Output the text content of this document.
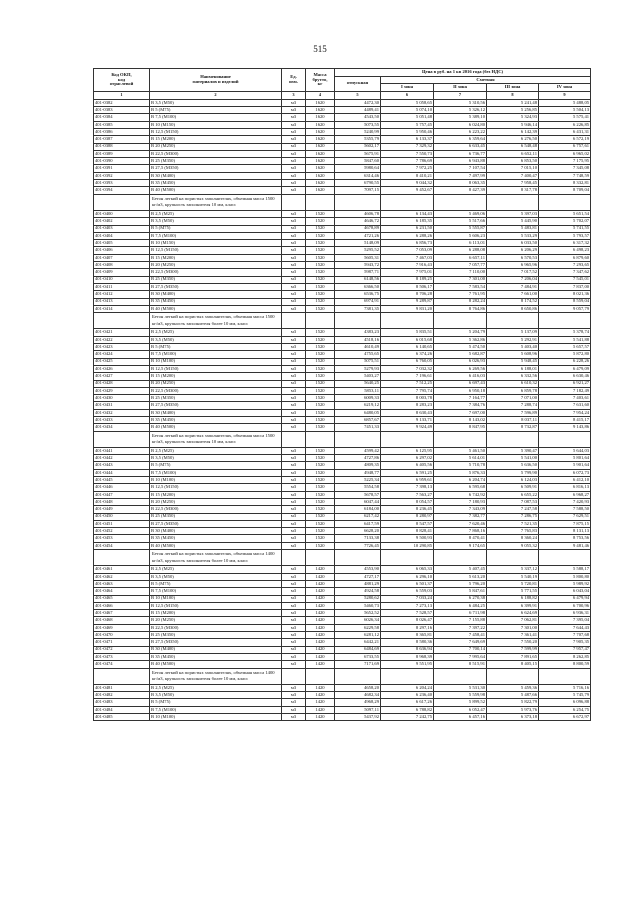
515
Код ОКП,
код
отраслевой	Наименование
материалов и изделий	Ед.
изм.	Масса
брутто,
кг	Цена в руб. на 1 кв 2016 года (без НДС)				
				отпускная	Сметная			
					I зона	II зона	III зона	IV зона
1	2	3	4	5	6	7	8	9
401-0382	В 3,5 (М50)	м3	1620	4472,30	5 058,65	5 310,56	5 241,48	5 488,05
401-0383	В 5 (М75)	м3	1620	4489,41	5 074,10	5 326,12	5 256,85	5 504,13
401-0384	В 7,5 (М100)	м3	1620	4543,50	5 051,48	5 389,10	5 324,93	5 575,41
401-0385	В 10 (М150)	м3	1620	5073,55	5 757,45	6 024,80	5 946,14	6 226,85
401-0386	В 12,5 (М150)	м3	1620	5240,99	5 950,46	6 223,22	6 142,39	6 431,31
401-0387	В 15 (М200)	м3	1620	5355,79	6 133,37	6 359,64	6 276,50	6 572,19
401-0388	В 20 (М250)	м3	1620	5602,17	7 329,32	6 633,45	6 548,48	6 757,61
401-0389	В 22,5 (М300)	м3	1620	5675,91	7 550,73	6 736,77	6 652,11	6 965,02
401-0390	В 25 (М350)	м3	1620	5847,60	7 786,69	6 943,88	6 853,50	7 175,95
401-0391	В 27,5 (М350)	м3	1620	5980,64	7 972,25	7 107,54	7 015,10	7 345,08
401-0392	В 30 (М400)	м3	1620	6314,46	8 410,21	7 497,99	7 400,47	7 748,59
401-0393	В 35 (М450)	м3	1620	6790,55	9 044,32	8 063,35	7 958,45	8 332,81
401-0394	В 40 (М500)	м3	1620	7097,15	9 452,67	8 427,39	8 317,78	8 709,04
	Бетон легкий на пористых заполнителях, объемная масса 1500 кг/м3, крупность заполнителя 10 мм, класс							
401-0400	В 2,5 (М25)	м3	1520	4606,78	6 134,43	5 469,06	5 397,03	5 651,54
401-0402	В 3,5 (М50)	м3	1520	4646,72	6 185,35	5 517,66	5 445,90	5 702,07
401-0403	В 5 (М75)	м3	1520	4678,89	6 231,50	5 555,87	5 483,81	5 741,55
401-0404	В 7,5 (М100)	м3	1520	4721,26	6 288,26	5 606,23	5 533,29	5 793,57
401-0405	В 10 (М150)	м3	1520	5148,09	6 856,73	6 113,01	6 033,50	6 317,32
401-0406	В 12,5 (М150)	м3	1520	5295,52	7 053,09	6 288,08	6 206,29	6 498,23
401-0407	В 15 (М200)	м3	1520	5605,31	7 467,03	6 657,11	6 570,53	6 879,60
401-0408	В 20 (М250)	м3	1520	5943,72	7 916,43	7 057,77	6 965,96	7 293,65
401-0409	В 22,5 (М300)	м3	1520	5987,71	7 975,01	7 110,00	7 017,52	7 347,62
401-0410	В 25 (М350)	м3	1520	6148,56	8 189,25	7 301,00	7 206,04	7 545,01
401-0411	В 27,5 (М350)	м3	1520	6366,50	8 506,17	7 583,54	7 484,91	7 837,00
401-0412	В 30 (М400)	м3	1520	6536,75	8 706,28	7 761,95	7 661,00	8 021,36
401-0413	В 35 (М450)	м3	1520	6974,91	9 289,87	8 282,24	8 174,52	8 559,04
401-0414	В 40 (М500)	м3	1520	7381,35	9 831,20	8 764,86	8 650,86	9 057,79
	Бетон легкий на пористых заполнителях, объемная масса 1500 кг/м3, крупность заполнителя более 10 мм, класс							
401-0421	В 2,5 (М25)	м3	1520	4383,23	5 835,51	5 204,79	5 137,09	5 378,74
401-0422	В 3,5 (М50)	м3	1520	4518,16	6 015,68	5 362,86	5 292,91	5 541,88
401-0423	В 5 (М75)	м3	1520	4610,49	6 140,65	5 474,50	5 403,40	5 657,57
401-0424	В 7,5 (М100)	м3	1520	4755,65	6 374,26	5 682,87	5 608,96	5 872,80
401-0425	В 10 (М100)	м3	1520	5075,51	6 760,05	6 026,93	5 948,45	6 228,26
401-0426	В 12,5 (М150)	м3	1520	5279,93	7 032,32	6 269,56	6 188,01	6 479,09
401-0427	В 15 (М200)	м3	1520	5403,27	7 196,61	6 416,03	6 332,56	6 630,46
401-0428	В 20 (М250)	м3	1520	5640,25	7 512,25	6 697,43	6 610,32	6 921,27
401-0429	В 22,5 (М300)	м3	1520	5853,11	7 795,74	6 950,18	6 859,78	7 182,49
401-0430	В 25 (М350)	м3	1520	6009,33	8 003,78	7 164,77	7 071,00	7 403,61
401-0431	В 27,5 (М350)	м3	1520	6219,12	8 283,23	7 384,76	7 288,74	7 631,60
401-0432	В 30 (М400)	м3	1520	6480,05	8 630,43	7 697,00	7 596,89	7 954,24
401-0433	В 35 (М450)	м3	1520	6857,67	9 133,71	8 143,02	8 037,11	8 415,17
401-0434	В 40 (М500)	м3	1520	7451,33	9 924,49	8 847,95	8 732,87	9 143,86
	Бетон легкий на пористых заполнителях, объемная масса 1500 кг/м3, крупность заполнителя 10 мм, класс							
401-0441	В 2,5 (М25)	м3	1520	4599,42	6 125,95	5 461,50	5 390,47	5 644,03
401-0442	В 3,5 (М50)	м3	1520	4727,86	6 297,02	5 614,01	5 541,00	5 801,64
401-0443	В 5 (М75)	м3	1520	4809,35	6 405,56	5 710,78	5 636,50	5 901,64
401-0444	В 7,5 (М100)	м3	1520	4948,77	6 591,25	5 876,33	5 799,90	6 072,73
401-0445	В 10 (М100)	м3	1520	5225,34	6 959,61	6 204,74	6 124,03	6 412,10
401-0446	В 12,5 (М150)	м3	1520	5554,58	7 398,13	6 595,68	6 509,91	6 816,13
401-0447	В 15 (М200)	м3	1520	5678,57	7 563,27	6 742,92	6 655,22	6 968,27
401-0448	В 20 (М250)	м3	1520	6047,44	8 054,57	7 180,93	7 087,53	7 420,93
401-0449	В 22,5 (М300)	м3	1520	6184,00	8 236,45	7 343,09	7 247,58	7 588,50
401-0450	В 25 (М350)	м3	1520	6217,42	8 280,97	7 382,77	7 286,75	7 629,51
401-0451	В 27,5 (М350)	м3	1520	6417,59	8 547,57	7 620,46	7 521,35	7 875,15
401-0452	В 30 (М400)	м3	1520	6628,20	8 828,41	7 868,16	7 765,83	8 131,13
401-0453	В 35 (М450)	м3	1520	7133,38	9 500,93	8 470,41	8 360,24	8 753,56
401-0454	В 40 (М500)	м3	1520	7726,45	10 290,85	9 174,65	9 055,32	9 481,46
	Бетон легкий на пористых заполнителях, объемная масса 1400 кг/м3, крупность заполнителя более 10 мм, класс							
401-0461	В 2,5 (М25)	м3	1420	4553,90	6 065,33	5 407,45	5 337,12	5 588,17
401-0462	В 3,5 (М50)	м3	1420	4727,17	6 296,10	5 613,20	5 540,19	5 800,80
401-0463	В 5 (М75)	м3	1420	4881,29	6 501,37	5 796,20	5 720,81	5 989,92
401-0464	В 7,5 (М100)	м3	1420	4924,58	6 559,03	5 847,61	5 771,55	6 043,04
401-0465	В 10 (М100)	м3	1420	5280,62	7 033,24	6 270,38	6 188,82	6 479,94
401-0466	В 12,5 (М150)	м3	1420	5460,73	7 273,13	6 484,25	6 399,91	6 700,96
401-0467	В 15 (М200)	м3	1420	5652,52	7 528,57	6 711,98	6 624,69	6 936,31
401-0468	В 20 (М250)	м3	1420	6026,34	8 026,47	7 155,88	7 062,81	7 395,04
401-0469	В 22,5 (М300)	м3	1420	6229,58	8 297,16	7 397,22	7 301,00	7 644,43
401-0470	В 25 (М350)	м3	1420	6281,12	8 365,81	7 458,41	7 361,41	7 707,68
401-0471	В 27,5 (М350)	м3	1420	6442,21	8 580,36	7 649,69	7 550,20	7 905,35
401-0472	В 30 (М400)	м3	1420	6484,69	8 636,94	7 700,14	7 599,99	7 957,47
401-0473	В 35 (М450)	м3	1420	6733,55	8 968,39	7 995,64	7 891,65	8 262,85
401-0474	В 40 (М500)	м3	1420	7171,69	9 551,95	8 515,91	8 405,15	8 800,59
	Бетон легкий на пористых заполнителях, объемная масса 1400 кг/м3, крупность заполнителя более 10 мм, класс							
401-0481	В 2,5 (М25)	м3	1420	4658,20	6 204,24	5 531,30	5 459,36	5 716,16
401-0482	В 3,5 (М50)	м3	1420	4682,34	6 236,40	5 559,98	5 487,66	5 745,79
401-0483	В 5 (М75)	м3	1420	4968,29	6 617,26	5 899,52	5 822,79	6 096,88
401-0484	В 7,5 (М100)	м3	1420	5097,11	6 788,82	6 052,47	5 973,76	6 254,75
401-0485	В 10 (М100)	м3	1420	5437,92	7 242,75	6 457,16	6 373,18	6 672,97
